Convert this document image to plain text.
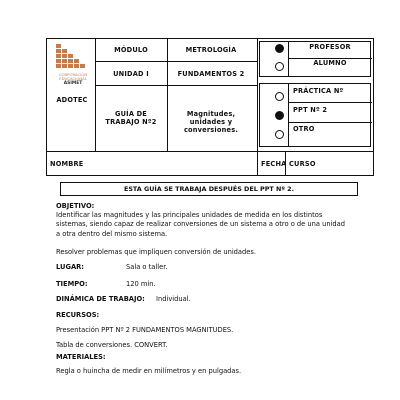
CORPORACIÓN
EDUCACIONAL
ASIMET
ADOTEC
MÓDULO	METROLOGÍA
UNIDAD I	FUNDAMENTOS 2
GUÍA DE TRABAJO Nº2
Magnitudes, unidades y conversiones.
PROFESOR
ALUMNO
PRÁCTICA Nº
PPT Nº 2
OTRO
NOMBRE	FECHA CURSO
ESTA GUÍA SE TRABAJA DESPUÉS DEL PPT Nº 2.
OBJETIVO:
Identificar las magnitudes y las principales unidades de medida en los distintos
sistemas, siendo capaz de realizar conversiones de un sistema a otro o de una unidad
a otra dentro del mismo sistema.
Resolver problemas que impliquen conversión de unidades.
LUGAR:	Sala o taller.
TIEMPO:	120 min.
DINÁMICA DE TRABAJO: Individual.
RECURSOS:
Presentación PPT Nº 2 FUNDAMENTOS MAGNITUDES.
Tabla de conversiones. CONVERT.
MATERIALES:
Regla o huincha de medir en milímetros y en pulgadas.
